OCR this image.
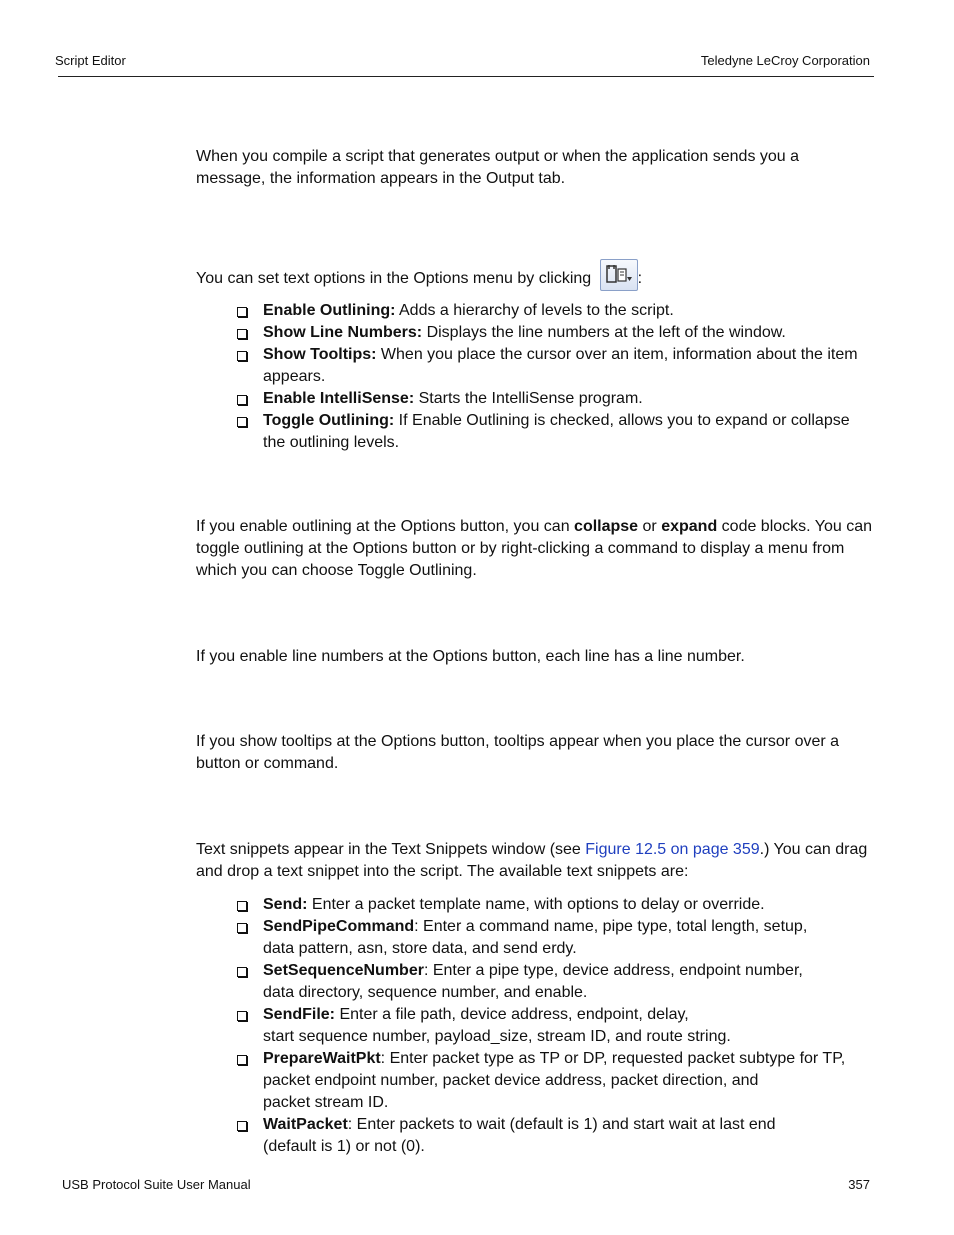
Script Editor	Teledyne LeCroy Corporation

When you compile a script that generates output or when the application sends you a message, the information appears in the Output tab.

You can set text options in the Options menu by clicking	:

Enable Outlining: Adds a hierarchy of levels to the script.
Show Line Numbers: Displays the line numbers at the left of the window.
Show Tooltips: When you place the cursor over an item, information about the item appears.
Enable IntelliSense: Starts the IntelliSense program.
Toggle Outlining: If Enable Outlining is checked, allows you to expand or collapse the outlining levels.

If you enable outlining at the Options button, you can collapse or expand code blocks. You can toggle outlining at the Options button or by right-clicking a command to display a menu from which you can choose Toggle Outlining.

If you enable line numbers at the Options button, each line has a line number.

If you show tooltips at the Options button, tooltips appear when you place the cursor over a button or command.

Text snippets appear in the Text Snippets window (see Figure 12.5 on page 359.) You can drag and drop a text snippet into the script. The available text snippets are:

Send: Enter a packet template name, with options to delay or override.
SendPipeCommand: Enter a command name, pipe type, total length, setup,
data pattern, asn, store data, and send erdy.
SetSequenceNumber: Enter a pipe type, device address, endpoint number,
data directory, sequence number, and enable.
SendFile: Enter a file path, device address, endpoint, delay,
start sequence number, payload_size, stream ID, and route string.
PrepareWaitPkt: Enter packet type as TP or DP, requested packet subtype for TP,
packet endpoint number, packet device address, packet direction, and
packet stream ID.
WaitPacket: Enter packets to wait (default is 1) and start wait at last end
(default is 1) or not (0).
USB Protocol Suite User Manual	357
